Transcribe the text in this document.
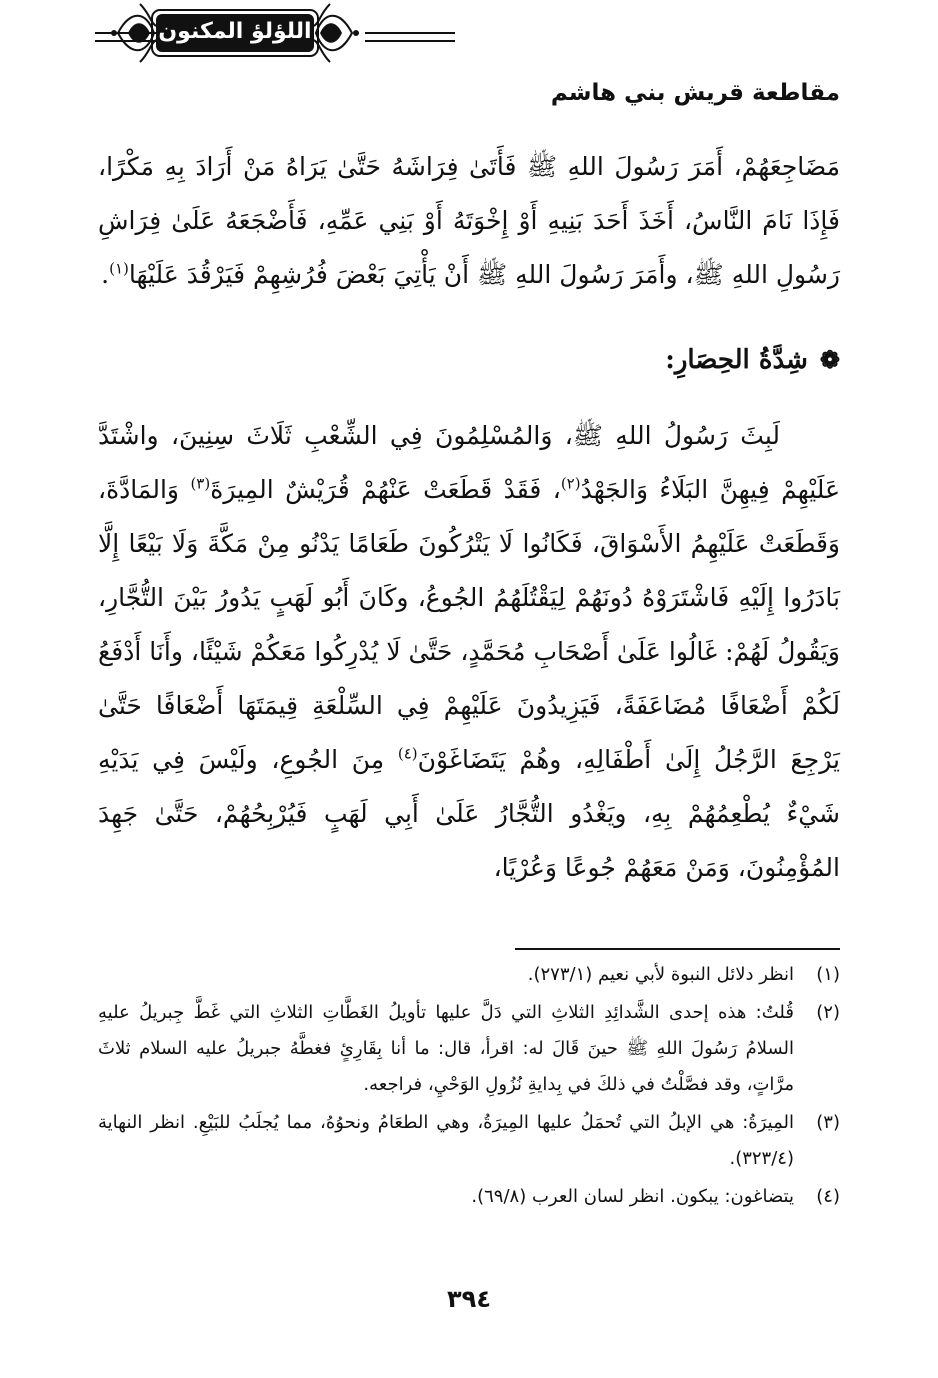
اللؤلؤ المكنون
مقاطعة قريش بني هاشم
مَضَاجِعَهُمْ، أَمَرَ رَسُولَ اللهِ ﷺ فَأَتَىٰ فِرَاشَهُ حَتَّىٰ يَرَاهُ مَنْ أَرَادَ بِهِ مَكْرًا، فَإِذَا نَامَ النَّاسُ، أَخَذَ أَحَدَ بَنِيهِ أَوْ إِخْوَتَهُ أَوْ بَنِي عَمِّهِ، فَأَضْجَعَهُ عَلَىٰ فِرَاشِ رَسُولِ اللهِ ﷺ، وأَمَرَ رَسُولَ اللهِ ﷺ أَنْ يَأْتِيَ بَعْضَ فُرُشِهِمْ فَيَرْقُدَ عَلَيْهَا$^{(١)}$.
❁شِدَّةُ الحِصَارِ:
لَبِثَ رَسُولُ اللهِ ﷺ، وَالمُسْلِمُونَ فِي الشِّعْبِ ثَلَاثَ سِنِينَ، واشْتَدَّ عَلَيْهِمْ فِيهِنَّ البَلَاءُ وَالجَهْدُ$^{(٢)}$، فَقَدْ قَطَعَتْ عَنْهُمْ قُرَيْشٌ المِيرَةَ$^{(٣)}$ وَالمَادَّةَ، وَقَطَعَتْ عَلَيْهِمُ الأَسْوَاقَ، فَكَانُوا لَا يَتْرُكُونَ طَعَامًا يَدْنُو مِنْ مَكَّةَ وَلَا بَيْعًا إِلَّا بَادَرُوا إِلَيْهِ فَاشْتَرَوْهُ دُونَهُمْ لِيَقْتُلَهُمُ الجُوعُ، وكَانَ أَبُو لَهَبٍ يَدُورُ بَيْنَ التُّجَّارِ، وَيَقُولُ لَهُمْ: غَالُوا عَلَىٰ أَصْحَابِ مُحَمَّدٍ، حَتَّىٰ لَا يُدْرِكُوا مَعَكُمْ شَيْئًا، وأَنَا أَدْفَعُ لَكُمْ أَضْعَافًا مُضَاعَفَةً، فَيَزِيدُونَ عَلَيْهِمْ فِي السِّلْعَةِ قِيمَتَهَا أَضْعَافًا حَتَّىٰ يَرْجِعَ الرَّجُلُ إِلَىٰ أَطْفَالِهِ، وهُمْ يَتَضَاغَوْنَ$^{(٤)}$ مِنَ الجُوعِ، ولَيْسَ فِي يَدَيْهِ شَيْءٌ يُطْعِمُهُمْ بِهِ، ويَغْدُو التُّجَّارُ عَلَىٰ أَبِي لَهَبٍ فَيُرْبِحُهُمْ، حَتَّىٰ جَهِدَ المُؤْمِنُونَ، وَمَنْ مَعَهُمْ جُوعًا وَعُرْيًا،
(١)
انظر دلائل النبوة لأبي نعيم (٢٧٣/١).
(٢)
قُلتُ: هذه إحدى الشَّدائِدِ الثلاثِ التي دَلَّ عليها تأويلُ الغَطَّاتِ الثلاثِ التي غَطَّ جِبريلُ عليهِ السلامُ رَسُولَ اللهِ ﷺ حينَ قَالَ له: اقرأ، قال: ما أنا بِقَارِئٍ فغطَّهُ جبريلُ عليه السلام ثلاثَ مرَّاتٍ، وقد فصَّلْتُ في ذلكَ في بِدايةِ نُزُولِ الوَحْيِ، فراجعه.
(٣)
المِيرَةُ: هي الإبلُ التي تُحمَلُ عليها المِيرَةُ، وهي الطعَامُ ونحوُهُ، مما يُجلَبُ للبَيْعِ. انظر النهاية (٣٢٣/٤).
(٤)
يتضاغون: يبكون. انظر لسان العرب (٦٩/٨).
٣٩٤
